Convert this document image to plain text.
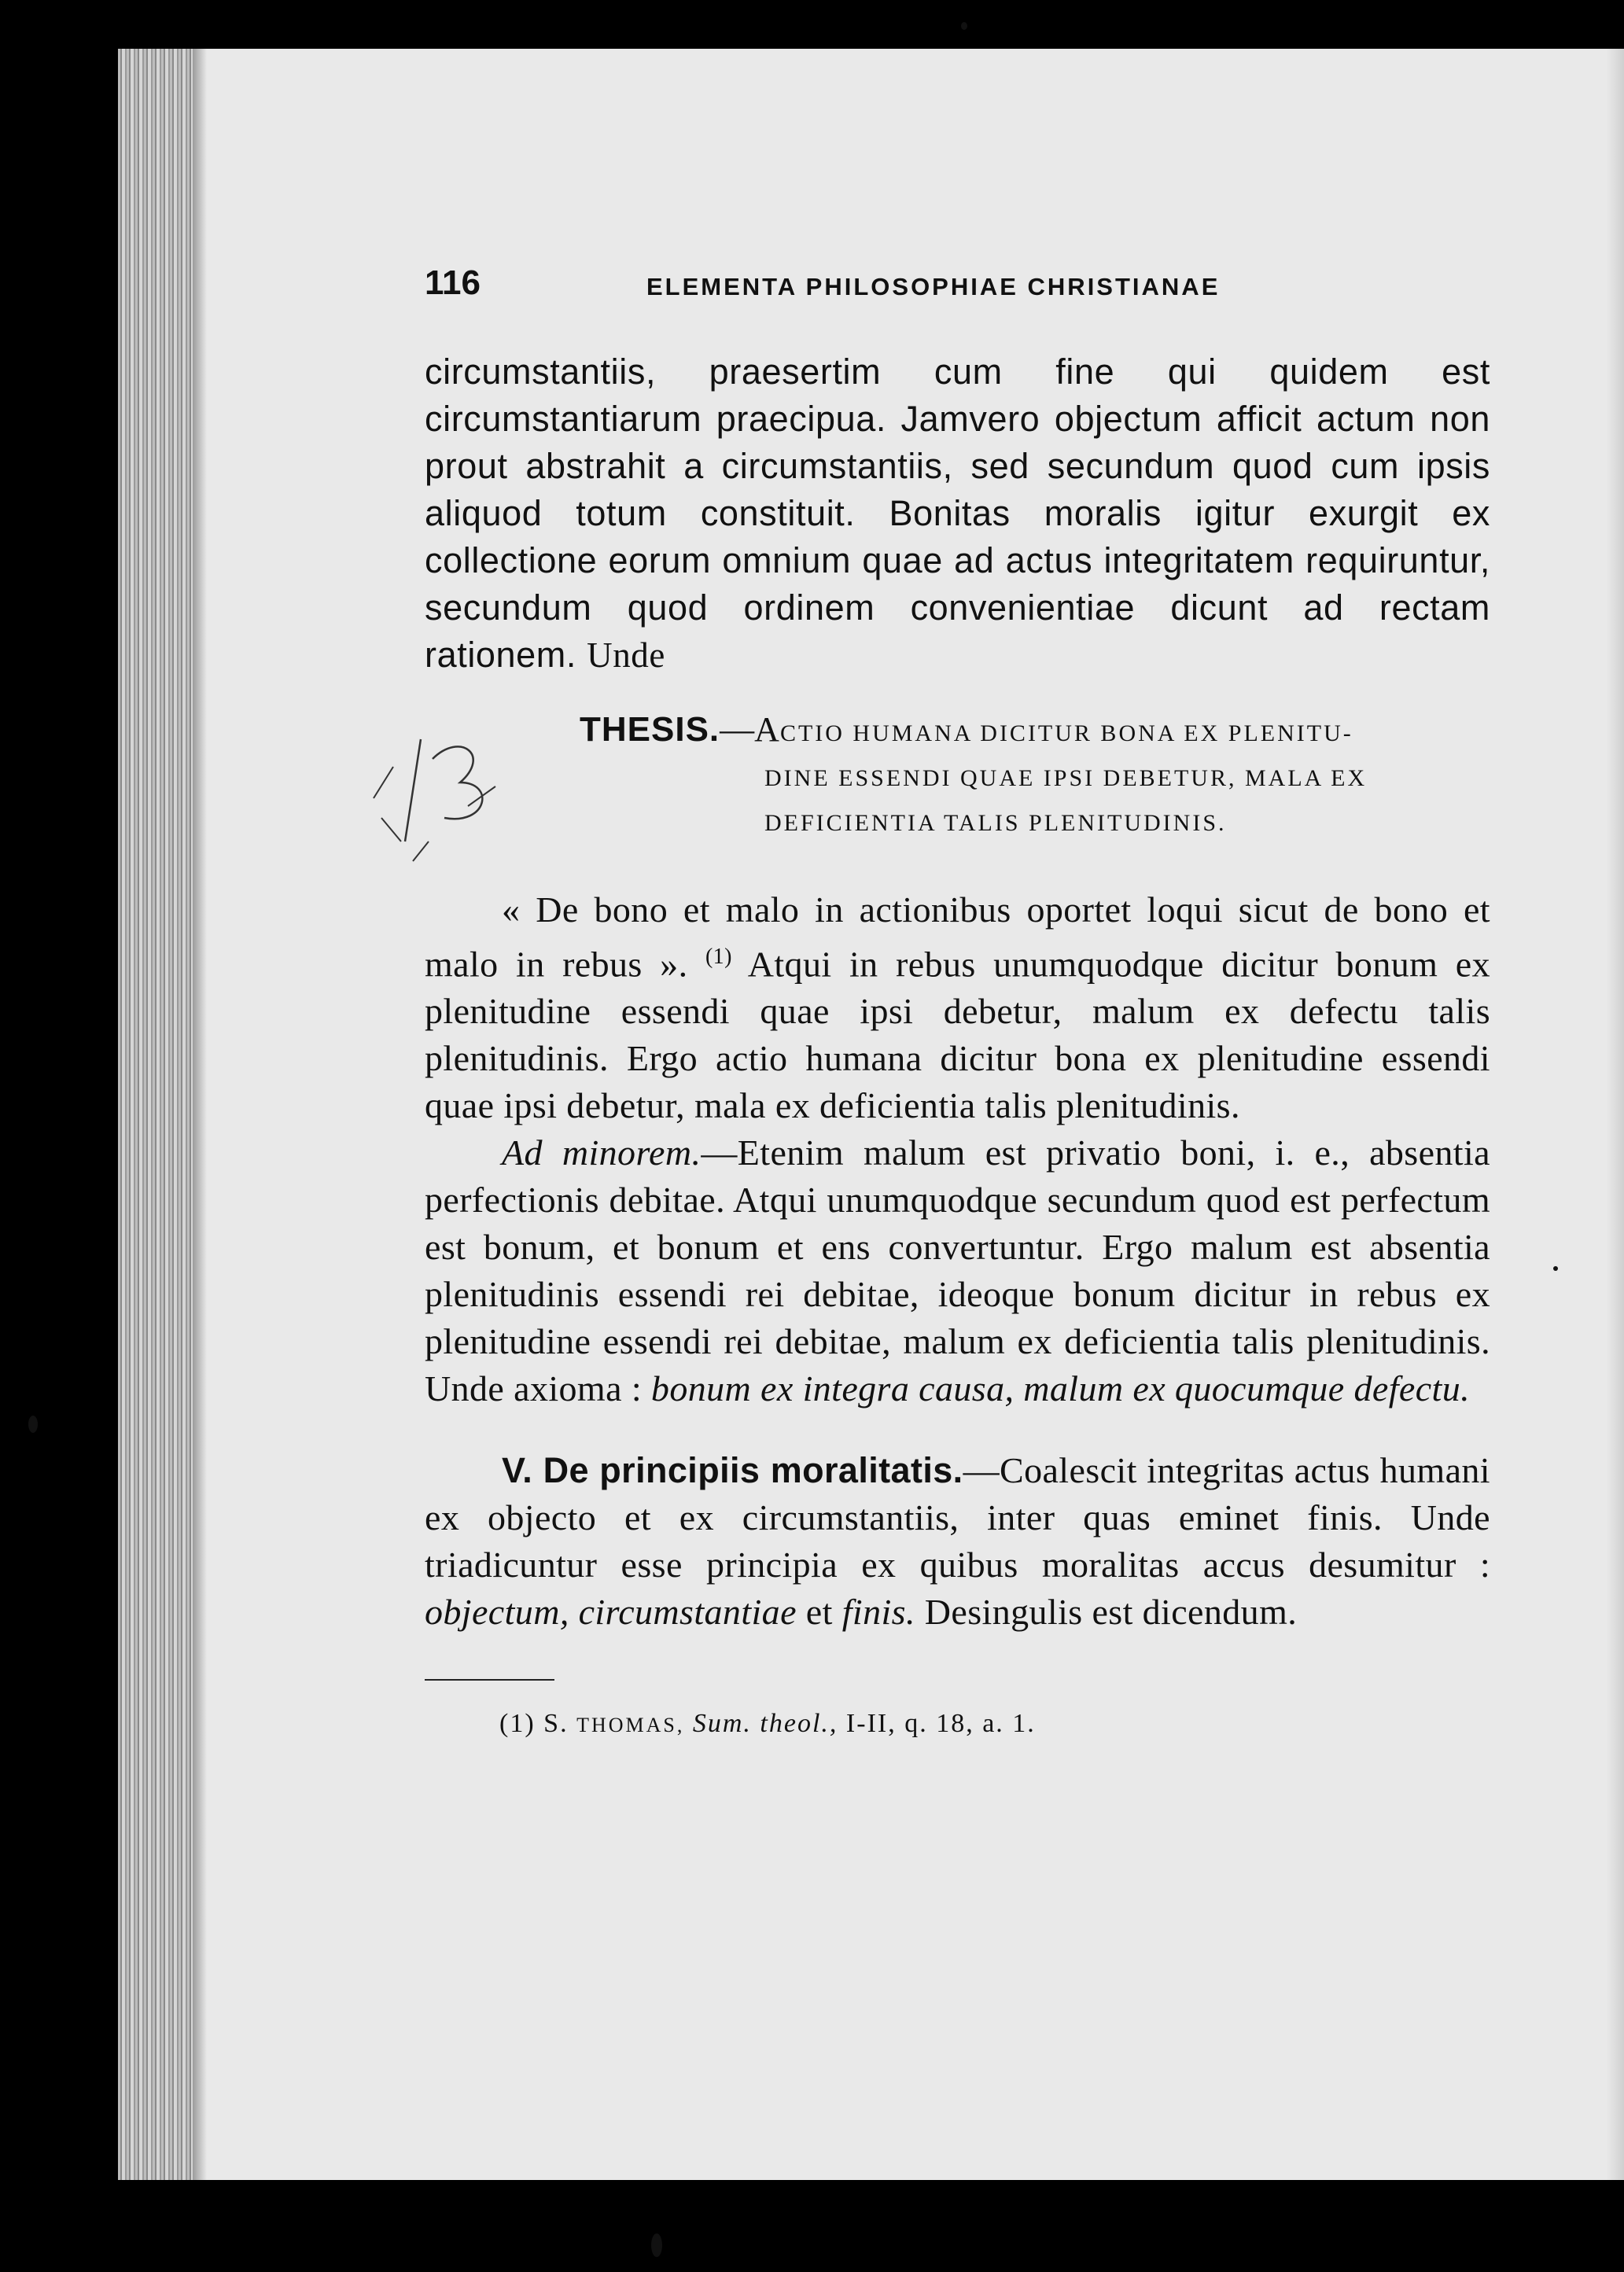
116	ELEMENTA PHILOSOPHIAE CHRISTIANAE

circumstantiis, praesertim cum fine qui quidem est circumstantiarum praecipua. Jamvero objectum afficit actum non prout abstrahit a circumstantiis, sed secundum quod cum ipsis aliquod totum constituit. Bonitas moralis igitur exurgit ex collectione eorum omnium quae ad actus integritatem requiruntur, secundum quod ordinem convenientiae dicunt ad rectam rationem. Unde

THESIS.—ACTIO HUMANA DICITUR BONA EX PLENITU-
DINE ESSENDI QUAE IPSI DEBETUR, MALA EX
DEFICIENTIA TALIS PLENITUDINIS.

« De bono et malo in actionibus oportet loqui sicut de bono et malo in rebus ». $^{(1)}$ Atqui in rebus unumquodque dicitur bonum ex plenitudine essendi quae ipsi debetur, malum ex defectu talis plenitudinis. Ergo actio humana dicitur bona ex plenitudine essendi quae ipsi debetur, mala ex deficientia talis plenitudinis.

Ad minorem.—Etenim malum est privatio boni, i. e., absentia perfectionis debitae. Atqui unumquodque secundum quod est perfectum est bonum, et bonum et ens convertuntur. Ergo malum est absentia plenitudinis essendi rei debitae, ideoque bonum dicitur in rebus ex plenitudine essendi rei debitae, malum ex deficientia talis plenitudinis. Unde axioma : bonum ex integra causa, malum ex quocumque defectu.

V. De principiis moralitatis.—Coalescit integritas actus humani ex objecto et ex circumstantiis, inter quas eminet finis. Unde triadicuntur esse principia ex quibus moralitas accus desumitur : objectum, circumstantiae et finis. Desingulis est dicendum.

(1) S. THOMAS, Sum. theol., I-II, q. 18, a. 1.
